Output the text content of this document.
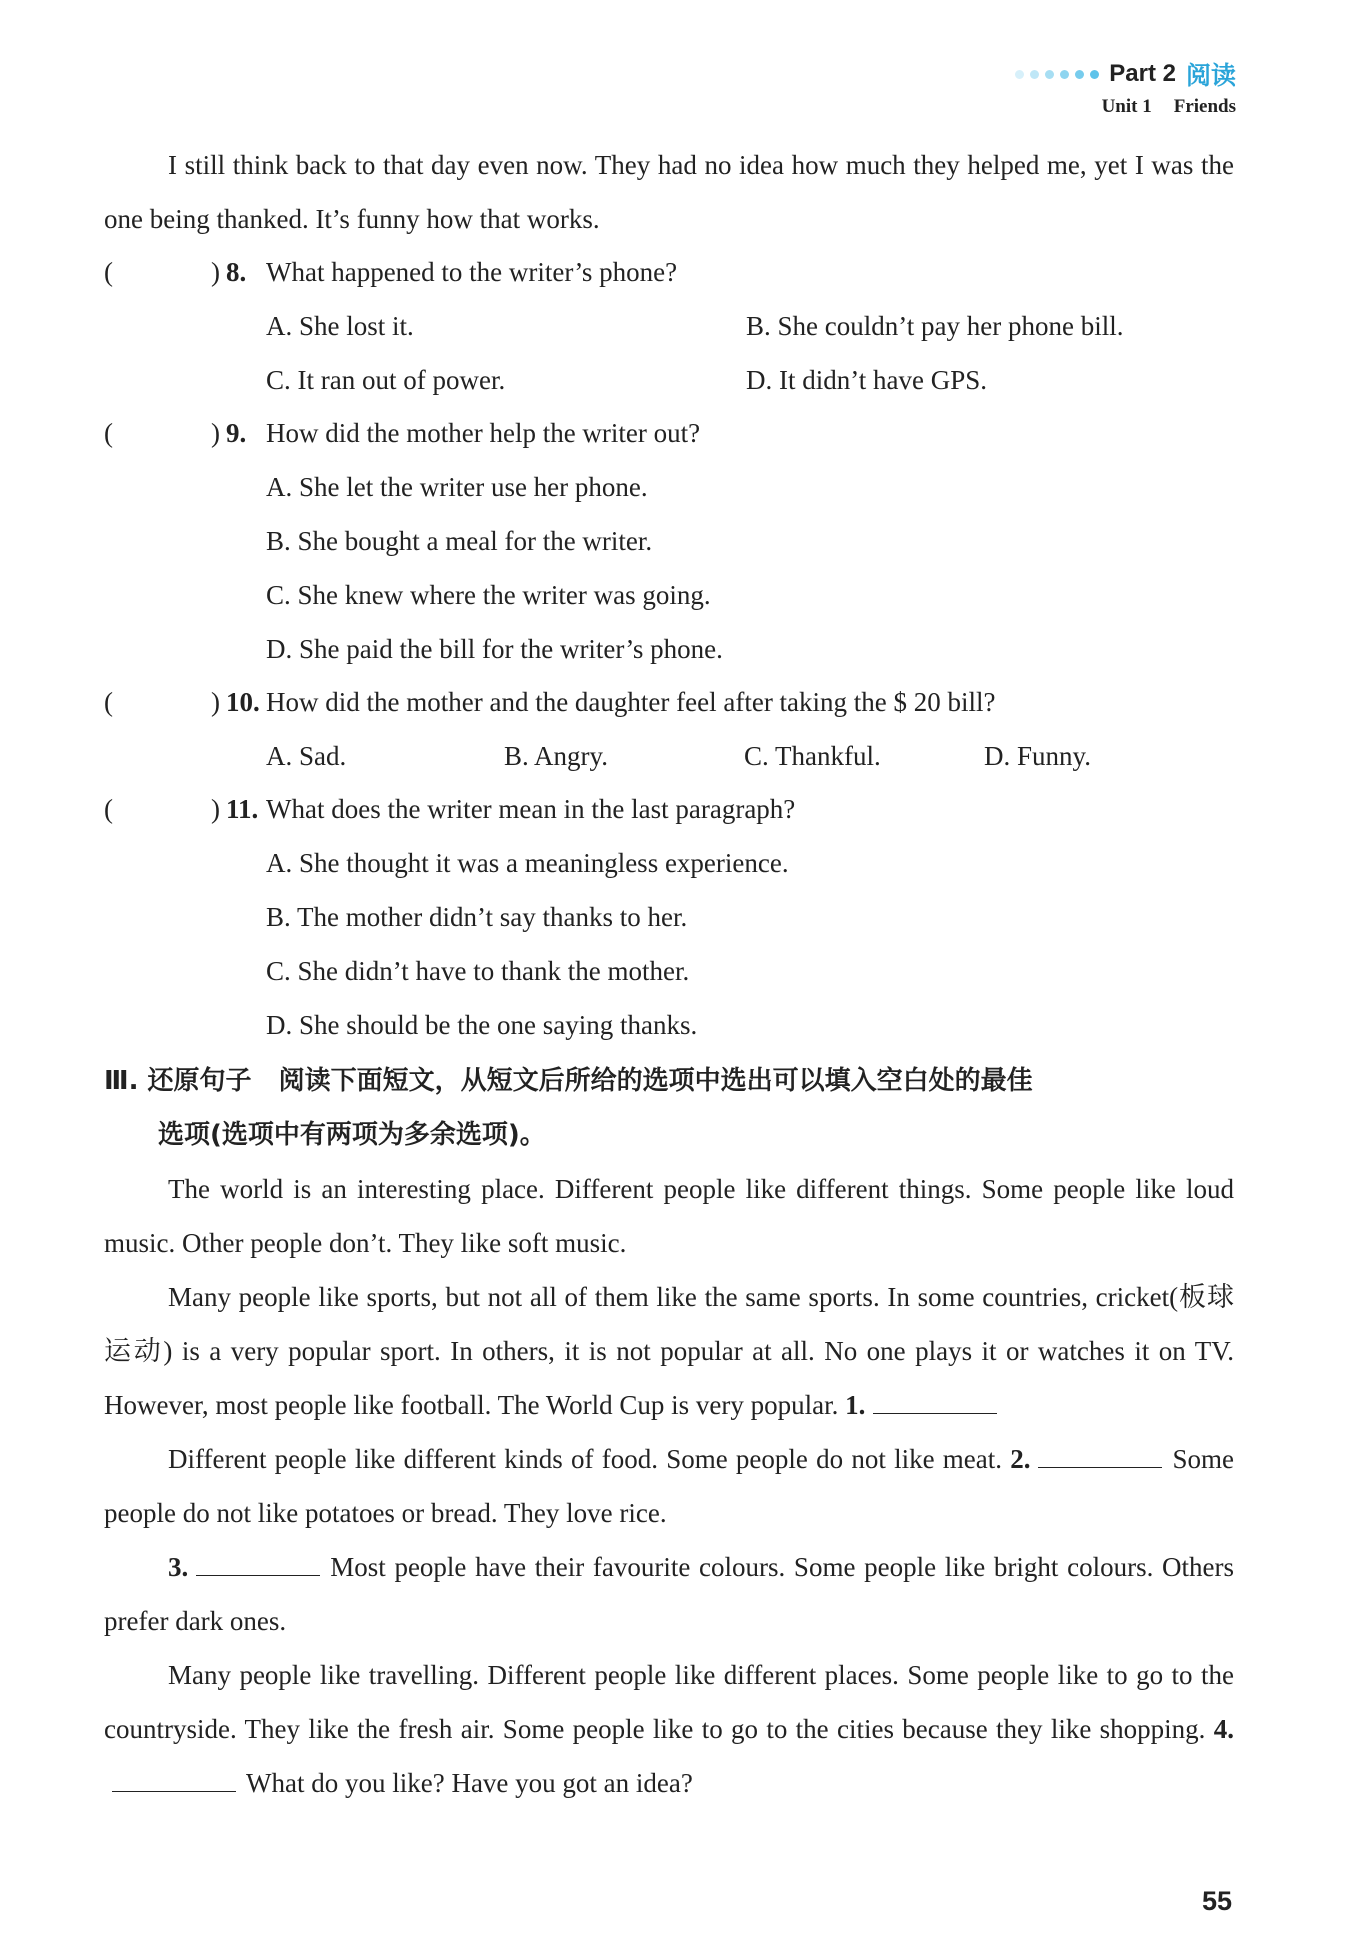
Part 2 阅读
Unit 1 Friends

I still think back to that day even now. They had no idea how much they helped me, yet I was the one being thanked. It’s funny how that works.

(	) 8. What happened to the writer’s phone?
A. She lost it.	B. She couldn’t pay her phone bill.
C. It ran out of power.	D. It didn’t have GPS.
(	) 9. How did the mother help the writer out?
A. She let the writer use her phone.
B. She bought a meal for the writer.
C. She knew where the writer was going.
D. She paid the bill for the writer’s phone.
(	) 10. How did the mother and the daughter feel after taking the $ 20 bill?
A. Sad.	B. Angry.	C. Thankful.	D. Funny.
(	) 11. What does the writer mean in the last paragraph?
A. She thought it was a meaningless experience.
B. The mother didn’t say thanks to her.
C. She didn’t have to thank the mother.
D. She should be the one saying thanks.
Ⅲ. 还原句子 阅读下面短文，从短文后所给的选项中选出可以填入空白处的最佳
选项(选项中有两项为多余选项)。

The world is an interesting place. Different people like different things. Some people like loud music. Other people don’t. They like soft music.

Many people like sports, but not all of them like the same sports. In some countries, cricket(板球运动) is a very popular sport. In others, it is not popular at all. No one plays it or watches it on TV. However, most people like football. The World Cup is very popular. 1.

Different people like different kinds of food. Some people do not like meat. 2.	Some people do not like potatoes or bread. They love rice.

3.	Most people have their favourite colours. Some people like bright colours. Others prefer dark ones.

Many people like travelling. Different people like different places. Some people like to go to the countryside. They like the fresh air. Some people like to go to the cities because they like shopping. 4.What do you like? Have you got an idea?

55
